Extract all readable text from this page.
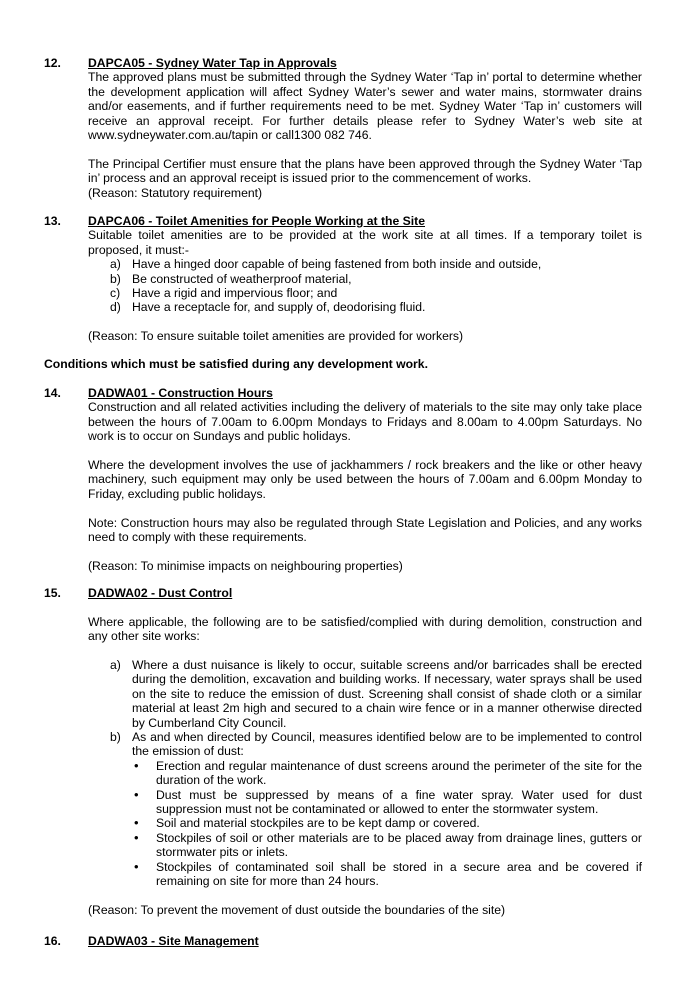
12. DAPCA05 - Sydney Water Tap in Approvals

The approved plans must be submitted through the Sydney Water ‘Tap in’ portal to determine whether the development application will affect Sydney Water’s sewer and water mains, stormwater drains and/or easements, and if further requirements need to be met. Sydney Water ‘Tap in’ customers will receive an approval receipt. For further details please refer to Sydney Water’s web site at www.sydneywater.com.au/tapin or call1300 082 746.

The Principal Certifier must ensure that the plans have been approved through the Sydney Water ‘Tap in’ process and an approval receipt is issued prior to the commencement of works.

(Reason: Statutory requirement)

13. DAPCA06 - Toilet Amenities for People Working at the Site

Suitable toilet amenities are to be provided at the work site at all times. If a temporary toilet is proposed, it must:-

a) Have a hinged door capable of being fastened from both inside and outside,
b) Be constructed of weatherproof material,
c) Have a rigid and impervious floor; and
d) Have a receptacle for, and supply of, deodorising fluid.

(Reason: To ensure suitable toilet amenities are provided for workers)

Conditions which must be satisfied during any development work.
14. DADWA01 - Construction Hours

Construction and all related activities including the delivery of materials to the site may only take place between the hours of 7.00am to 6.00pm Mondays to Fridays and 8.00am to 4.00pm Saturdays. No work is to occur on Sundays and public holidays.

Where the development involves the use of jackhammers / rock breakers and the like or other heavy machinery, such equipment may only be used between the hours of 7.00am and 6.00pm Monday to Friday, excluding public holidays.

Note: Construction hours may also be regulated through State Legislation and Policies, and any works need to comply with these requirements.

(Reason: To minimise impacts on neighbouring properties)

15. DADWA02 - Dust Control

Where applicable, the following are to be satisfied/complied with during demolition, construction and any other site works:

a) Where a dust nuisance is likely to occur, suitable screens and/or barricades shall be erected during the demolition, excavation and building works. If necessary, water sprays shall be used on the site to reduce the emission of dust. Screening shall consist of shade cloth or a similar material at least 2m high and secured to a chain wire fence or in a manner otherwise directed by Cumberland City Council.
b) As and when directed by Council, measures identified below are to be implemented to control the emission of dust:
• Erection and regular maintenance of dust screens around the perimeter of the site for the duration of the work.
• Dust must be suppressed by means of a fine water spray. Water used for dust suppression must not be contaminated or allowed to enter the stormwater system.
• Soil and material stockpiles are to be kept damp or covered.
• Stockpiles of soil or other materials are to be placed away from drainage lines, gutters or stormwater pits or inlets.
• Stockpiles of contaminated soil shall be stored in a secure area and be covered if remaining on site for more than 24 hours.

(Reason: To prevent the movement of dust outside the boundaries of the site)

16. DADWA03 - Site Management
